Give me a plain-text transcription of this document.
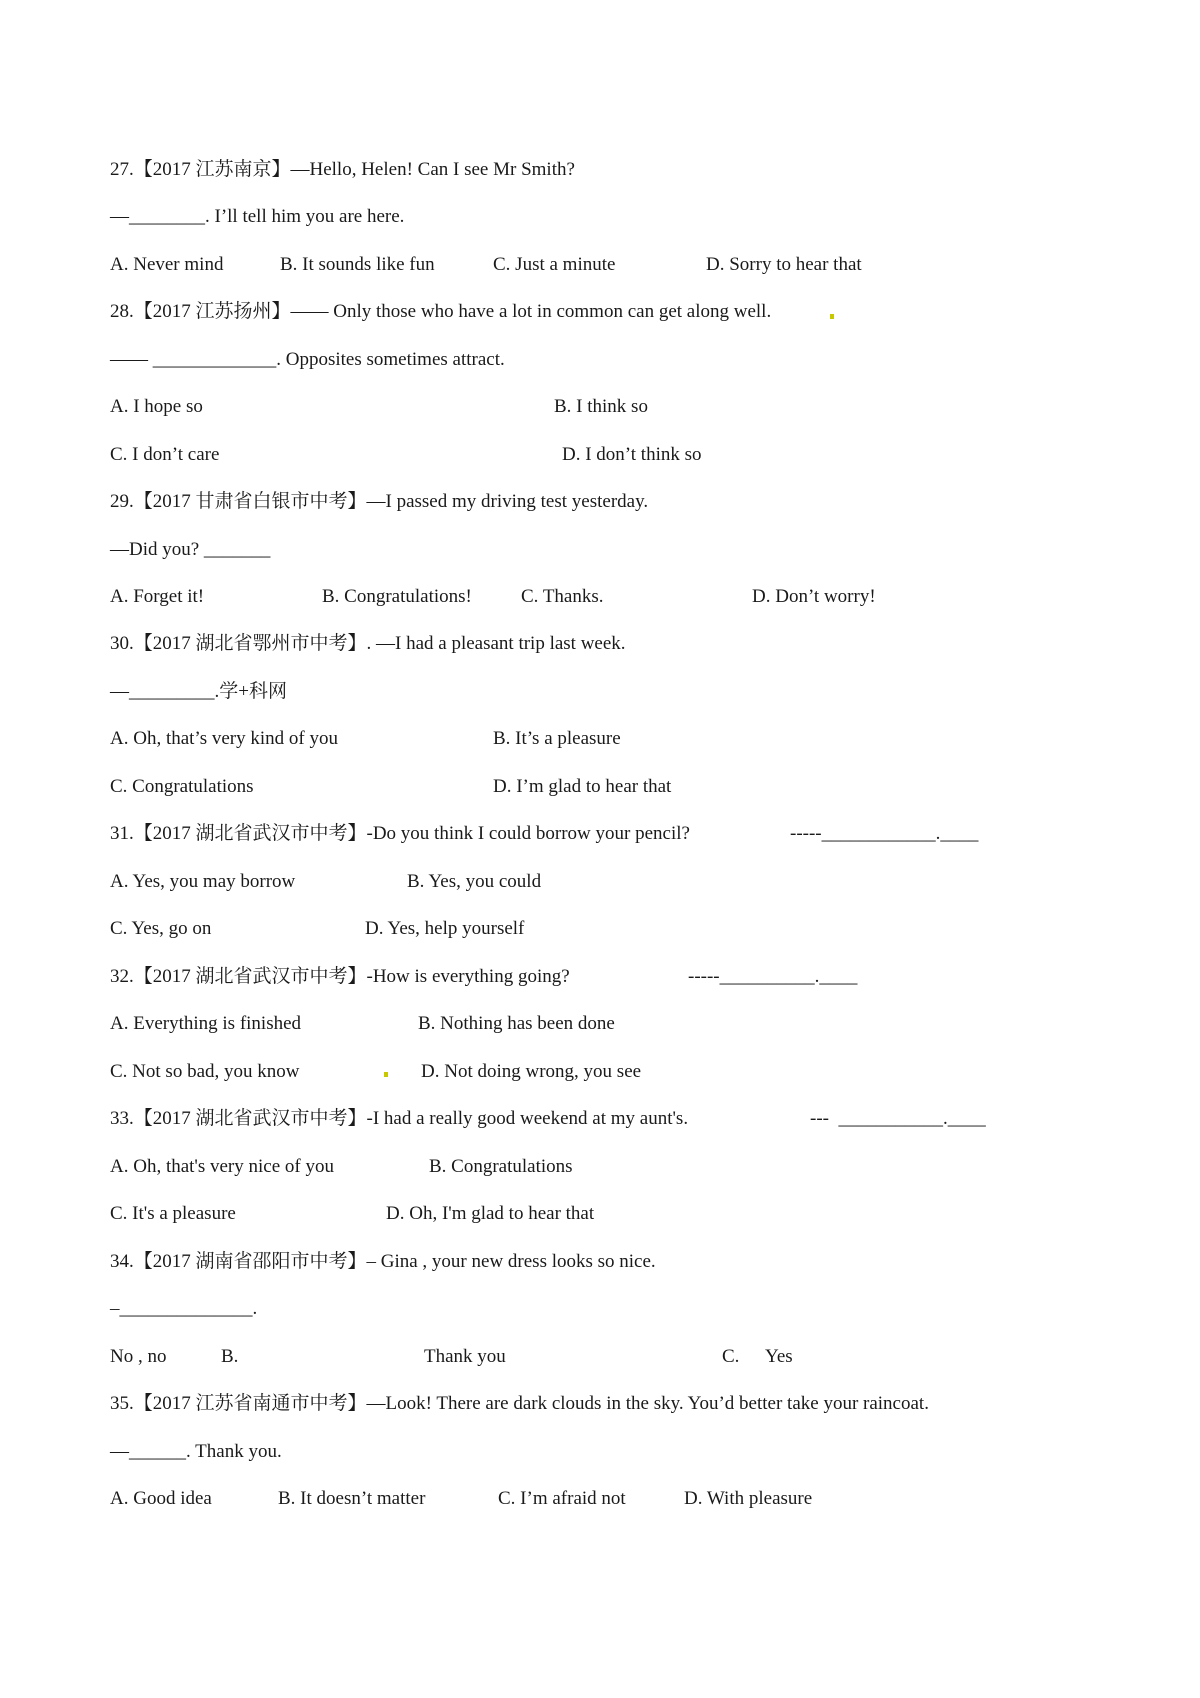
27.【2017 江苏南京】—Hello, Helen! Can I see Mr Smith?
—________. I’ll tell him you are here.
A. Never mind	B. It sounds like fun	C. Just a minute	D. Sorry to hear that
28.【2017 江苏扬州】—— Only those who have a lot in common can get along well.
—— _____________. Opposites sometimes attract.
A. I hope so	B. I think so
C. I don’t care	D. I don’t think so
29.【2017 甘肃省白银市中考】—I passed my driving test yesterday.
—Did you? _______
A. Forget it!	B. Congratulations!	C. Thanks.	D. Don’t worry!
30.【2017 湖北省鄂州市中考】. —I had a pleasant trip last week.
—_________.学+科网
A. Oh, that’s very kind of you	B. It’s a pleasure
C. Congratulations	D. I’m glad to hear that
31.【2017 湖北省武汉市中考】-Do you think I could borrow your pencil?	-----____________.____
A. Yes, you may borrow	B. Yes, you could
C. Yes, go on	D. Yes, help yourself
32.【2017 湖北省武汉市中考】-How is everything going?	-----__________.____
A. Everything is finished	B. Nothing has been done
C. Not so bad, you know	D. Not doing wrong, you see
33.【2017 湖北省武汉市中考】-I had a really good weekend at my aunt's.	---  ___________.____
A. Oh, that's very nice of you	B. Congratulations
C. It's a pleasure	D. Oh, I'm glad to hear that
34.【2017 湖南省邵阳市中考】– Gina , your new dress looks so nice.
–______________.
No , no	B.	Thank you	C. Yes
35.【2017 江苏省南通市中考】—Look! There are dark clouds in the sky. You’d better take your raincoat.
—______. Thank you.
A. Good idea	B. It doesn’t matter	C. I’m afraid not	D. With pleasure
